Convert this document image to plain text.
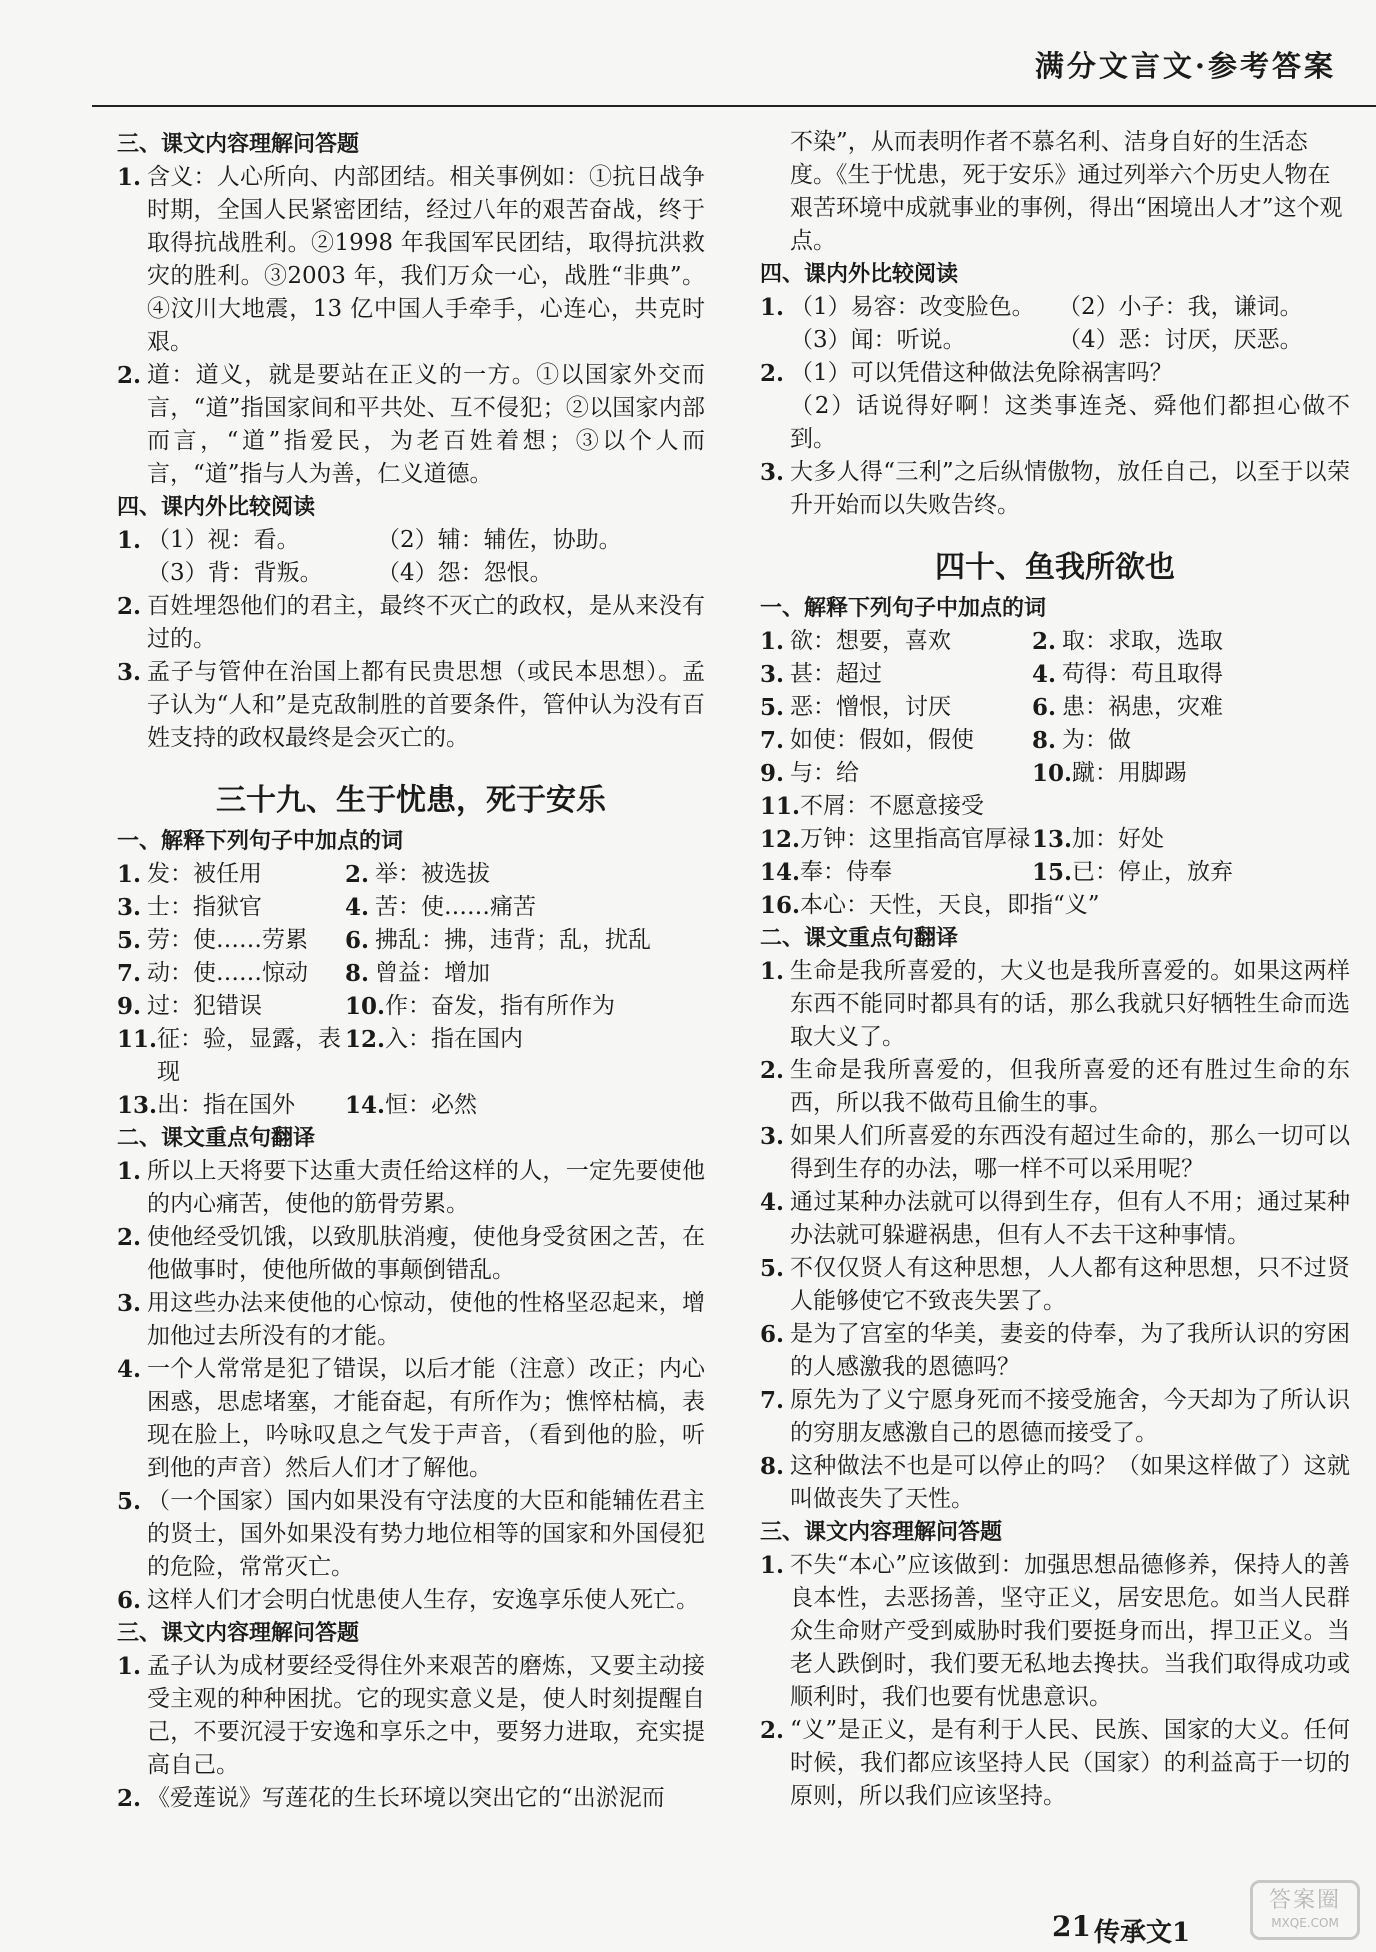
满分文言文·参考答案

三、课文内容理解问答题

1. 含义：人心所向、内部团结。相关事例如：①抗日战争时期，全国人民紧密团结，经过八年的艰苦奋战，终于取得抗战胜利。②1998 年我国军民团结，取得抗洪救灾的胜利。③2003 年，我们万众一心，战胜“非典”。④汶川大地震，13 亿中国人手牵手，心连心，共克时艰。
2. 道：道义，就是要站在正义的一方。①以国家外交而言，“道”指国家间和平共处、互不侵犯；②以国家内部而言，“道”指爱民，为老百姓着想；③以个人而言，“道”指与人为善，仁义道德。

四、课内外比较阅读

1. （1）视：看。	（2）辅：辅佐，协助。
（3）背：背叛。	（4）怨：怨恨。
2. 百姓埋怨他们的君主，最终不灭亡的政权，是从来没有过的。
3. 孟子与管仲在治国上都有民贵思想（或民本思想）。孟子认为“人和”是克敌制胜的首要条件，管仲认为没有百姓支持的政权最终是会灭亡的。

三十九、生于忧患，死于安乐

一、解释下列句子中加点的词

1. 发：被任用	2. 举：被选拔
3. 士：指狱官	4. 苦：使……痛苦
5. 劳：使……劳累 6. 拂乱：拂，违背；乱，扰乱
7. 动：使……惊动 8. 曾益：增加
9. 过：犯错误	10. 作：奋发，指有所作为
11. 征：验，显露，表现
12. 入：指在国内
13. 出：指在国外 14. 恒：必然

二、课文重点句翻译

1. 所以上天将要下达重大责任给这样的人，一定先要使他的内心痛苦，使他的筋骨劳累。
2. 使他经受饥饿，以致肌肤消瘦，使他身受贫困之苦，在他做事时，使他所做的事颠倒错乱。
3. 用这些办法来使他的心惊动，使他的性格坚忍起来，增加他过去所没有的才能。
4. 一个人常常是犯了错误，以后才能（注意）改正；内心困惑，思虑堵塞，才能奋起，有所作为；憔悴枯槁，表现在脸上，吟咏叹息之气发于声音，（看到他的脸，听到他的声音）然后人们才了解他。
5. （一个国家）国内如果没有守法度的大臣和能辅佐君主的贤士，国外如果没有势力地位相等的国家和外国侵犯的危险，常常灭亡。
6. 这样人们才会明白忧患使人生存，安逸享乐使人死亡。

三、课文内容理解问答题

1. 孟子认为成材要经受得住外来艰苦的磨炼，又要主动接受主观的种种困扰。它的现实意义是，使人时刻提醒自己，不要沉浸于安逸和享乐之中，要努力进取，充实提高自己。
2. 《爱莲说》写莲花的生长环境以突出它的“出淤泥而

不染”，从而表明作者不慕名利、洁身自好的生活态度。《生于忧患，死于安乐》通过列举六个历史人物在艰苦环境中成就事业的事例，得出“困境出人才”这个观点。

四、课内外比较阅读

1. （1）易容：改变脸色。	（2）小子：我，谦词。
（3）闻：听说。	（4）恶：讨厌，厌恶。
2. （1）可以凭借这种做法免除祸害吗？
（2）话说得好啊！这类事连尧、舜他们都担心做不到。
3. 大多人得“三利”之后纵情傲物，放任自己，以至于以荣升开始而以失败告终。

四十、鱼我所欲也

一、解释下列句子中加点的词

1. 欲：想要，喜欢	2. 取：求取，选取
3. 甚：超过	4. 苟得：苟且取得
5. 恶：憎恨，讨厌	6. 患：祸患，灾难
7. 如使：假如，假使	8. 为：做
9. 与：给	10. 蹴：用脚踢
11. 不屑：不愿意接受
12. 万钟：这里指高官厚禄 13. 加：好处
14. 奉：侍奉	15. 已：停止，放弃
16. 本心：天性，天良，即指“义”

二、课文重点句翻译

1. 生命是我所喜爱的，大义也是我所喜爱的。如果这两样东西不能同时都具有的话，那么我就只好牺牲生命而选取大义了。
2. 生命是我所喜爱的，但我所喜爱的还有胜过生命的东西，所以我不做苟且偷生的事。
3. 如果人们所喜爱的东西没有超过生命的，那么一切可以得到生存的办法，哪一样不可以采用呢？
4. 通过某种办法就可以得到生存，但有人不用；通过某种办法就可躲避祸患，但有人不去干这种事情。
5. 不仅仅贤人有这种思想，人人都有这种思想，只不过贤人能够使它不致丧失罢了。
6. 是为了宫室的华美，妻妾的侍奉，为了我所认识的穷困的人感激我的恩德吗？
7. 原先为了义宁愿身死而不接受施舍，今天却为了所认识的穷朋友感激自己的恩德而接受了。
8. 这种做法不也是可以停止的吗？（如果这样做了）这就叫做丧失了天性。

三、课文内容理解问答题

1. 不失“本心”应该做到：加强思想品德修养，保持人的善良本性，去恶扬善，坚守正义，居安思危。如当人民群众生命财产受到威胁时我们要挺身而出，捍卫正义。当老人跌倒时，我们要无私地去搀扶。当我们取得成功或顺利时，我们也要有忧患意识。
2. “义”是正义，是有利于人民、民族、国家的大义。任何时候，我们都应该坚持人民（国家）的利益高于一切的原则，所以我们应该坚持。
21 传承文1
答案圈
MXQE.COM
